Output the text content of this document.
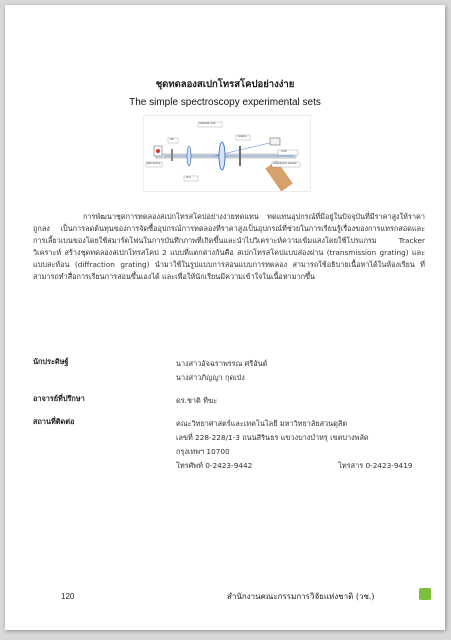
ชุดทดลองสเปกโทรสโคปอย่างง่าย
The simple spectroscopy experimental sets
collimator lens
Grating
CCD
Smartphone camera
Slit
lens
light source

การพัฒนาชุดการทดลองสเปกโทรสโคปอย่างง่ายทดแทน ทดแทนอุปกรณ์ที่มีอยู่ในปัจจุบันที่มีราคาสูงให้ราคาถูกลง เป็นการลดต้นทุนของการจัดซื้ออุปกรณ์การทดลองที่ราคาสูงเป็นอุปกรณ์ที่ช่วยในการเรียนรู้เรื่องของการแทรกสอดและการเลี้ยวเบนของโดยใช้สมาร์ตโฟนในการบันทึกภาพที่เกิดขึ้นและนำไปวิเคราะห์ความเข้มแสงโดยใช้โปรแกรม Tracker วิเคราะห์ สร้างชุดทดลองสเปกโทรสโคป 2 แบบที่แตกต่างกันคือ สเปกโทรสโคปแบบส่องผ่าน (transmission grating) และแบบสะท้อน (diffraction grating) นำมาใช้ในรูปแบบการสอนแบบการทดลอง สามารถใช้อธิบายเนื้อหาได้ในห้องเรียน ที่สามารถทำสื่อการเรียนการสอนขึ้นเองได้ และเพื่อให้นักเรียนมีความเข้าใจในเนื้อหามากขึ้น

นักประดิษฐ์	นางสาวอัจฉราพรรณ ศรีอันต์
นางสาวภิญญา กุดเป่ง
อาจารย์ที่ปรึกษา	ดร.ชาติ ทีฆะ
สถานที่ติดต่อ	คณะวิทยาศาสตร์และเทคโนโลยี มหาวิทยาลัยสวนดุสิต
เลขที่ 228-228/1-3 ถนนสิรินธร แขวงบางบำหรุ เขตบางพลัด
กรุงเทพฯ 10700
โทรศัพท์ 0-2423-9442	โทรสาร 0-2423-9419
120	สำนักงานคณะกรรมการวิจัยแห่งชาติ (วช.)
